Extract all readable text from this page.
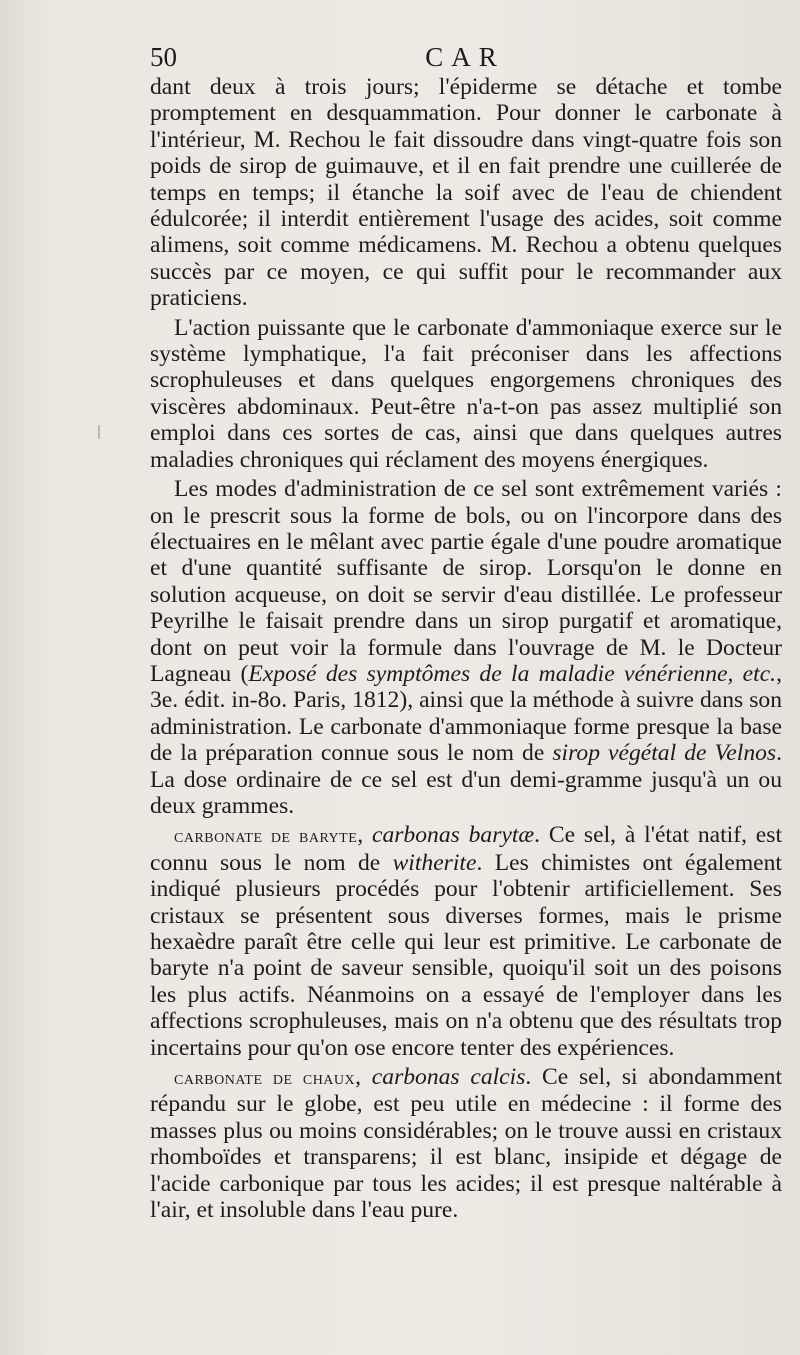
50	CAR

dant deux à trois jours; l'épiderme se détache et tombe promptement en desquammation. Pour donner le carbonate à l'intérieur, M. Rechou le fait dissoudre dans vingt-quatre fois son poids de sirop de guimauve, et il en fait prendre une cuillerée de temps en temps; il étanche la soif avec de l'eau de chiendent édulcorée; il interdit entièrement l'usage des acides, soit comme alimens, soit comme médicamens. M. Rechou a obtenu quelques succès par ce moyen, ce qui suffit pour le recommander aux praticiens.

L'action puissante que le carbonate d'ammoniaque exerce sur le système lymphatique, l'a fait préconiser dans les affections scrophuleuses et dans quelques engorgemens chroniques des viscères abdominaux. Peut-être n'a-t-on pas assez multiplié son emploi dans ces sortes de cas, ainsi que dans quelques autres maladies chroniques qui réclament des moyens énergiques.

Les modes d'administration de ce sel sont extrêmement variés : on le prescrit sous la forme de bols, ou on l'incorpore dans des électuaires en le mêlant avec partie égale d'une poudre aromatique et d'une quantité suffisante de sirop. Lorsqu'on le donne en solution acqueuse, on doit se servir d'eau distillée. Le professeur Peyrilhe le faisait prendre dans un sirop purgatif et aromatique, dont on peut voir la formule dans l'ouvrage de M. le Docteur Lagneau (Exposé des symptômes de la maladie vénérienne, etc., 3e. édit. in-8o. Paris, 1812), ainsi que la méthode à suivre dans son administration. Le carbonate d'ammoniaque forme presque la base de la préparation connue sous le nom de sirop végétal de Velnos. La dose ordinaire de ce sel est d'un demi-gramme jusqu'à un ou deux grammes.

carbonate de baryte, carbonas barytæ. Ce sel, à l'état natif, est connu sous le nom de witherite. Les chimistes ont également indiqué plusieurs procédés pour l'obtenir artificiellement. Ses cristaux se présentent sous diverses formes, mais le prisme hexaèdre paraît être celle qui leur est primitive. Le carbonate de baryte n'a point de saveur sensible, quoiqu'il soit un des poisons les plus actifs. Néanmoins on a essayé de l'employer dans les affections scrophuleuses, mais on n'a obtenu que des résultats trop incertains pour qu'on ose encore tenter des expériences.

carbonate de chaux, carbonas calcis. Ce sel, si abondamment répandu sur le globe, est peu utile en médecine : il forme des masses plus ou moins considérables; on le trouve aussi en cristaux rhomboïdes et transparens; il est blanc, insipide et dégage de l'acide carbonique par tous les acides; il est presque naltérable à l'air, et insoluble dans l'eau pure.
